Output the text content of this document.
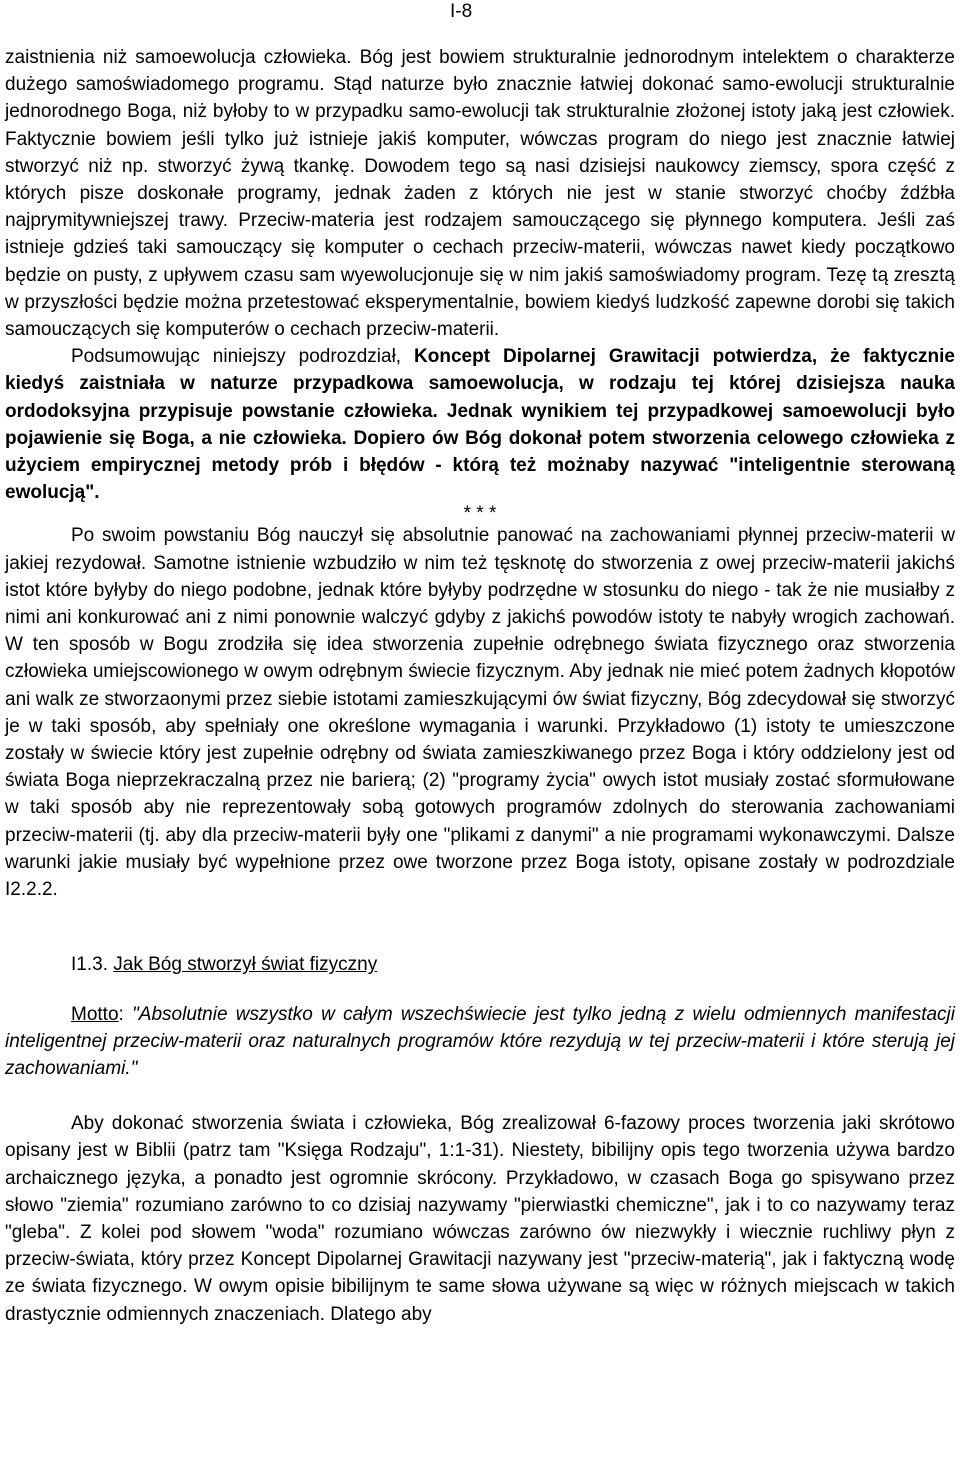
I-8

zaistnienia niż samoewolucja człowieka. Bóg jest bowiem strukturalnie jednorodnym intelektem o charakterze dużego samoświadomego programu. Stąd naturze było znacznie łatwiej dokonać samo-ewolucji strukturalnie jednorodnego Boga, niż byłoby to w przypadku samo-ewolucji tak strukturalnie złożonej istoty jaką jest człowiek. Faktycznie bowiem jeśli tylko już istnieje jakiś komputer, wówczas program do niego jest znacznie łatwiej stworzyć niż np. stworzyć żywą tkankę. Dowodem tego są nasi dzisiejsi naukowcy ziemscy, spora część z których pisze doskonałe programy, jednak żaden z których nie jest w stanie stworzyć choćby źdźbła najprymitywniejszej trawy. Przeciw-materia jest rodzajem samouczącego się płynnego komputera. Jeśli zaś istnieje gdzieś taki samouczący się komputer o cechach przeciw-materii, wówczas nawet kiedy początkowo będzie on pusty, z upływem czasu sam wyewolucjonuje się w nim jakiś samoświadomy program. Tezę tą zresztą w przyszłości będzie można przetestować eksperymentalnie, bowiem kiedyś ludzkość zapewne dorobi się takich samouczących się komputerów o cechach przeciw-materii.

Podsumowując niniejszy podrozdział, Koncept Dipolarnej Grawitacji potwierdza, że faktycznie kiedyś zaistniała w naturze przypadkowa samoewolucja, w rodzaju tej której dzisiejsza nauka ordodoksyjna przypisuje powstanie człowieka. Jednak wynikiem tej przypadkowej samoewolucji było pojawienie się Boga, a nie człowieka. Dopiero ów Bóg dokonał potem stworzenia celowego człowieka z użyciem empirycznej metody prób i błędów - którą też możnaby nazywać "inteligentnie sterowaną ewolucją".

* * *

Po swoim powstaniu Bóg nauczył się absolutnie panować na zachowaniami płynnej przeciw-materii w jakiej rezydował. Samotne istnienie wzbudziło w nim też tęsknotę do stworzenia z owej przeciw-materii jakichś istot które byłyby do niego podobne, jednak które byłyby podrzędne w stosunku do niego - tak że nie musiałby z nimi ani konkurować ani z nimi ponownie walczyć gdyby z jakichś powodów istoty te nabyły wrogich zachowań. W ten sposób w Bogu zrodziła się idea stworzenia zupełnie odrębnego świata fizycznego oraz stworzenia człowieka umiejscowionego w owym odrębnym świecie fizycznym. Aby jednak nie mieć potem żadnych kłopotów ani walk ze stworzaonymi przez siebie istotami zamieszkującymi ów świat fizyczny, Bóg zdecydował się stworzyć je w taki sposób, aby spełniały one określone wymagania i warunki. Przykładowo (1) istoty te umieszczone zostały w świecie który jest zupełnie odrębny od świata zamieszkiwanego przez Boga i który oddzielony jest od świata Boga nieprzekraczalną przez nie barierą; (2) "programy życia" owych istot musiały zostać sformułowane w taki sposób aby nie reprezentowały sobą gotowych programów zdolnych do sterowania zachowaniami przeciw-materii (tj. aby dla przeciw-materii były one "plikami z danymi" a nie programami wykonawczymi. Dalsze warunki jakie musiały być wypełnione przez owe tworzone przez Boga istoty, opisane zostały w podrozdziale I2.2.2.

I1.3. Jak Bóg stworzył świat fizyczny

Motto: "Absolutnie wszystko w całym wszechświecie jest tylko jedną z wielu odmiennych manifestacji inteligentnej przeciw-materii oraz naturalnych programów które rezydują w tej przeciw-materii i które sterują jej zachowaniami."

Aby dokonać stworzenia świata i człowieka, Bóg zrealizował 6-fazowy proces tworzenia jaki skrótowo opisany jest w Biblii (patrz tam "Księga Rodzaju", 1:1-31). Niestety, bibilijny opis tego tworzenia używa bardzo archaicznego języka, a ponadto jest ogromnie skrócony. Przykładowo, w czasach Boga go spisywano przez słowo "ziemia" rozumiano zarówno to co dzisiaj nazywamy "pierwiastki chemiczne", jak i to co nazywamy teraz "gleba". Z kolei pod słowem "woda" rozumiano wówczas zarówno ów niezwykły i wiecznie ruchliwy płyn z przeciw-świata, który przez Koncept Dipolarnej Grawitacji nazywany jest "przeciw-materią", jak i faktyczną wodę ze świata fizycznego. W owym opisie bibilijnym te same słowa używane są więc w różnych miejscach w takich drastycznie odmiennych znaczeniach. Dlatego aby
